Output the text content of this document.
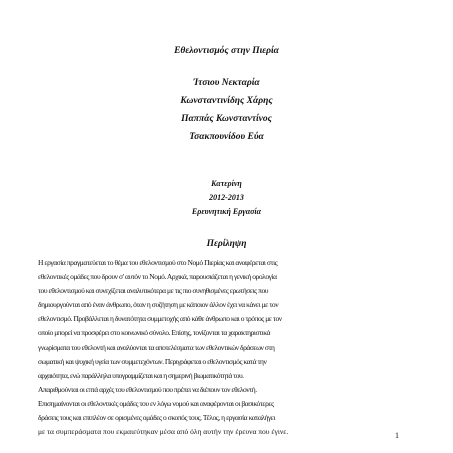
Εθελοντισμός στην Πιερία
Ίτσιου Νεκταρία
Κωνσταντινίδης Χάρης
Παππάς Κωνσταντίνος
Τσακπουνίδου Εύα
Κατερίνη
2012-2013
Ερευνητική Εργασία
Περίληψη
Η εργασία πραγματεύεται το θέμα του εθελοντισμού στο Νομό Πιερίας και αναφέρεται στις
εθελοντικές ομάδες που δρουν σ' αυτόν το Νομό. Αρχικά, παρουσιάζεται η γενική ορολογία
του εθελοντισμού και συνεχίζεται αναλυτικότερα με τις πιο συνηθισμένες ερωτήσεις που
δημιουργούνται από έναν άνθρωπο, όταν η συζήτηση με κάποιον άλλον έχει να κάνει με τον
εθελοντισμό. Προβάλλεται η δυνατότητα συμμετοχής από κάθε άνθρωπο και ο τρόπος με τον
οποίο μπορεί να προσφέρει στο κοινωνικό σύνολο. Επίσης, τονίζονται τα χαρακτηριστικά
γνωρίσματα του εθελοντή και αναλύονται τα αποτελέσματα των εθελοντικών δράσεων στη
σωματική και ψυχική υγεία των συμμετεχόντων. Περιγράφεται ο εθελοντισμός κατά την
αρχαιότητα, ενώ παράλληλα υπογραμμίζεται και η σημερινή βιωματικότητά του.
Απαριθμούνται οι επτά αρχές του εθελοντισμού που πρέπει να διέπουν τον εθελοντή.
Επισημαίνονται οι εθελοντικές ομάδες του εν λόγω νομού και αναφέρονται οι βασικότερες
δράσεις τους και επιπλέον σε ορισμένες ομάδες ο σκοπός τους. Τέλος, η εργασία καταλήγει
με τα συμπεράσματα που εκμαιεύτηκαν μέσα από όλη αυτήν την έρευνα που έγινε.	1
